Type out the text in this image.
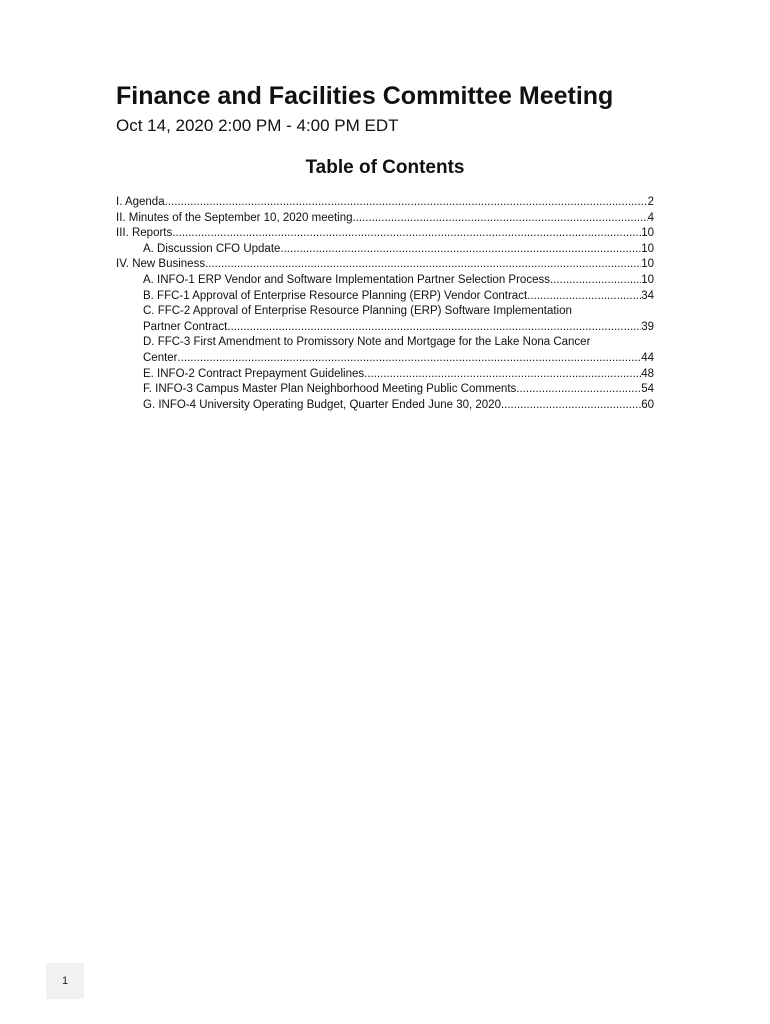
Finance and Facilities Committee Meeting

Oct 14, 2020 2:00 PM - 4:00 PM EDT

Table of Contents
I. Agenda .....	2
II. Minutes of the September 10, 2020 meeting .....	4
III. Reports .....	10
A. Discussion CFO Update .....	10
IV. New Business .....	10
A. INFO-1 ERP Vendor and Software Implementation Partner Selection Process .....	10
B. FFC-1 Approval of Enterprise Resource Planning (ERP) Vendor Contract .....	34
C. FFC-2 Approval of Enterprise Resource Planning (ERP) Software Implementation
Partner Contract .....	39
D. FFC-3 First Amendment to Promissory Note and Mortgage for the Lake Nona Cancer
Center .....	44
E. INFO-2 Contract Prepayment Guidelines .....	48
F. INFO-3 Campus Master Plan Neighborhood Meeting Public Comments .....	54
G. INFO-4 University Operating Budget, Quarter Ended June 30, 2020 .....	60
1
